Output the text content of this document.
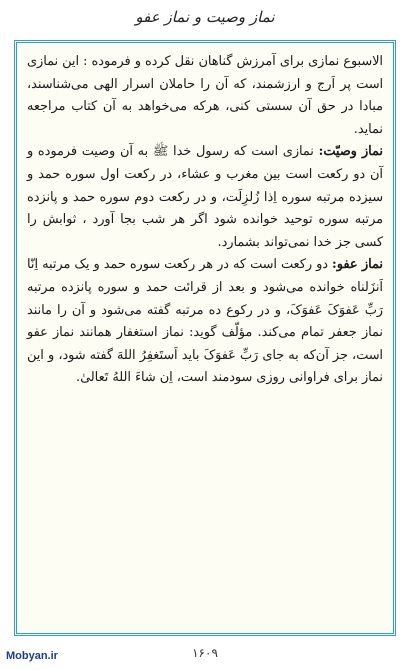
نماز وصیت و نماز عفو

الاسبوع نمازی برای آمرزش گناهان نقل کرده و فرموده : این نمازی است پر اَرج و ارزشمند، که آن را حاملان اسرار الهی می‌شناسند، مبادا در حق آن سستی کنی، هرکه می‌خواهد به آن کتاب مراجعه نماید.

نماز وصیّت: نمازی است که رسول خدا ﷺ به آن وصیت فرموده و آن دو رکعت است بین مغرب و عشاء، در رکعت اول سوره حمد و سیزده مرتبه سوره اِذا زُلزِلَت، و در رکعت دوم سوره حمد و پانزده مرتبه سوره توحید خوانده شود اگر هر شب بجا آورد ، ثوابش را کسی جز خدا نمی‌تواند بشمارد.

نماز عفو: دو رکعت است که در هر رکعت سوره حمد و یک مرتبه اِنّا اَنزَلناه خوانده می‌شود و بعد از قرائت حمد و سوره پانزده مرتبه رَبِّ عَفوَکَ عَفوَکَ، و در رکوع ده مرتبه گفته می‌شود و آن را مانند نماز جعفر تمام می‌کند. مؤلّف گوید: نماز استغفار همانند نماز عفو است، جز آن‌که به جای رَبِّ عَفوَکَ باید اَستَغفِرُ اللهَ گفته شود، و این نماز برای فراوانی روزی سودمند است، اِن شاءَ اللهُ تَعالیٰ.

Mobyan.ir	١۶٠٩
